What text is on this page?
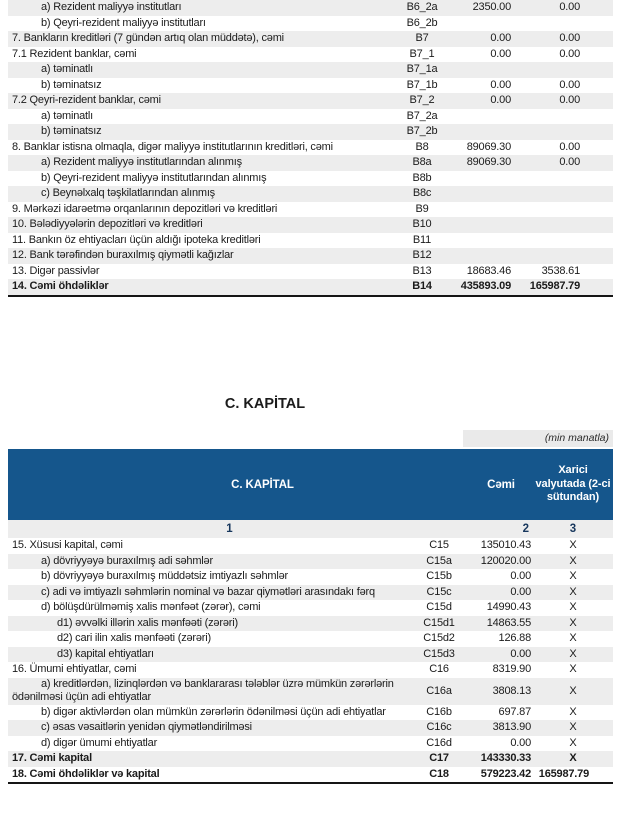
a) Rezident maliyyə institutları	B6_2a	2350.00	0.00
b) Qeyri-rezident maliyyə institutları	B6_2b
7. Bankların kreditləri (7 gündən artıq olan müddətə), cəmi	B7	0.00	0.00
7.1 Rezident banklar, cəmi	B7_1	0.00	0.00
a) təminatlı	B7_1a
b) təminatsız	B7_1b	0.00	0.00
7.2 Qeyri-rezident banklar, cəmi	B7_2	0.00	0.00
a) təminatlı	B7_2a
b) təminatsız	B7_2b
8. Banklar istisna olmaqla, digər maliyyə institutlarının kreditləri, cəmi	B8	89069.30	0.00
a) Rezident maliyyə institutlarından alınmış	B8a	89069.30	0.00
b) Qeyri-rezident maliyyə institutlarından alınmış	B8b
c) Beynəlxalq təşkilatlarından alınmış	B8c
9. Mərkəzi idarəetmə orqanlarının depozitləri və kreditləri	B9
10. Bələdiyyələrin depozitləri və kreditləri	B10
11. Bankın öz ehtiyacları üçün aldığı ipoteka kreditləri	B11
12. Bank tərəfindən buraxılmış qiymətli kağızlar	B12
13. Digər passivlər	B13	18683.46	3538.61
14. Cəmi öhdəliklər	B14	435893.09	165987.79
C. KAPİTAL
(min manatla)
C. KAPİTAL	Cəmi
Xarici valyutada (2-ci sütundan)
1	2	3
15. Xüsusi kapital, cəmi	C15	135010.43	X
a) dövriyyəyə buraxılmış adi səhmlər	C15a	120020.00	X
b) dövriyyəyə buraxılmış müddətsiz imtiyazlı səhmlər	C15b	0.00	X
c) adi və imtiyazlı səhmlərin nominal və bazar qiymətləri arasındakı fərq	C15c	0.00	X
d) bölüşdürülməmiş xalis mənfəət (zərər), cəmi	C15d	14990.43	X
d1) əvvəlki illərin xalis mənfəəti (zərəri)	C15d1	14863.55	X
d2) cari ilin xalis mənfəəti (zərəri)	C15d2	126.88	X
d3) kapital ehtiyatları	C15d3	0.00	X
16. Ümumi ehtiyatlar, cəmi	C16	8319.90	X
a) kreditlərdən, lizinqlərdən və banklararası tələblər üzrə mümkün zərərlərin ödənilməsi üçün adi ehtiyatlar
C16a	3808.13	X
b) digər aktivlərdən olan mümkün zərərlərin ödənilməsi üçün adi ehtiyatlar	C16b	697.87	X
c) əsas vəsaitlərin yenidən qiymətləndirilməsi	C16c	3813.90	X
d) digər ümumi ehtiyatlar	C16d	0.00	X
17. Cəmi kapital	C17	143330.33	X
18. Cəmi öhdəliklər və kapital	C18	579223.42 165987.79
